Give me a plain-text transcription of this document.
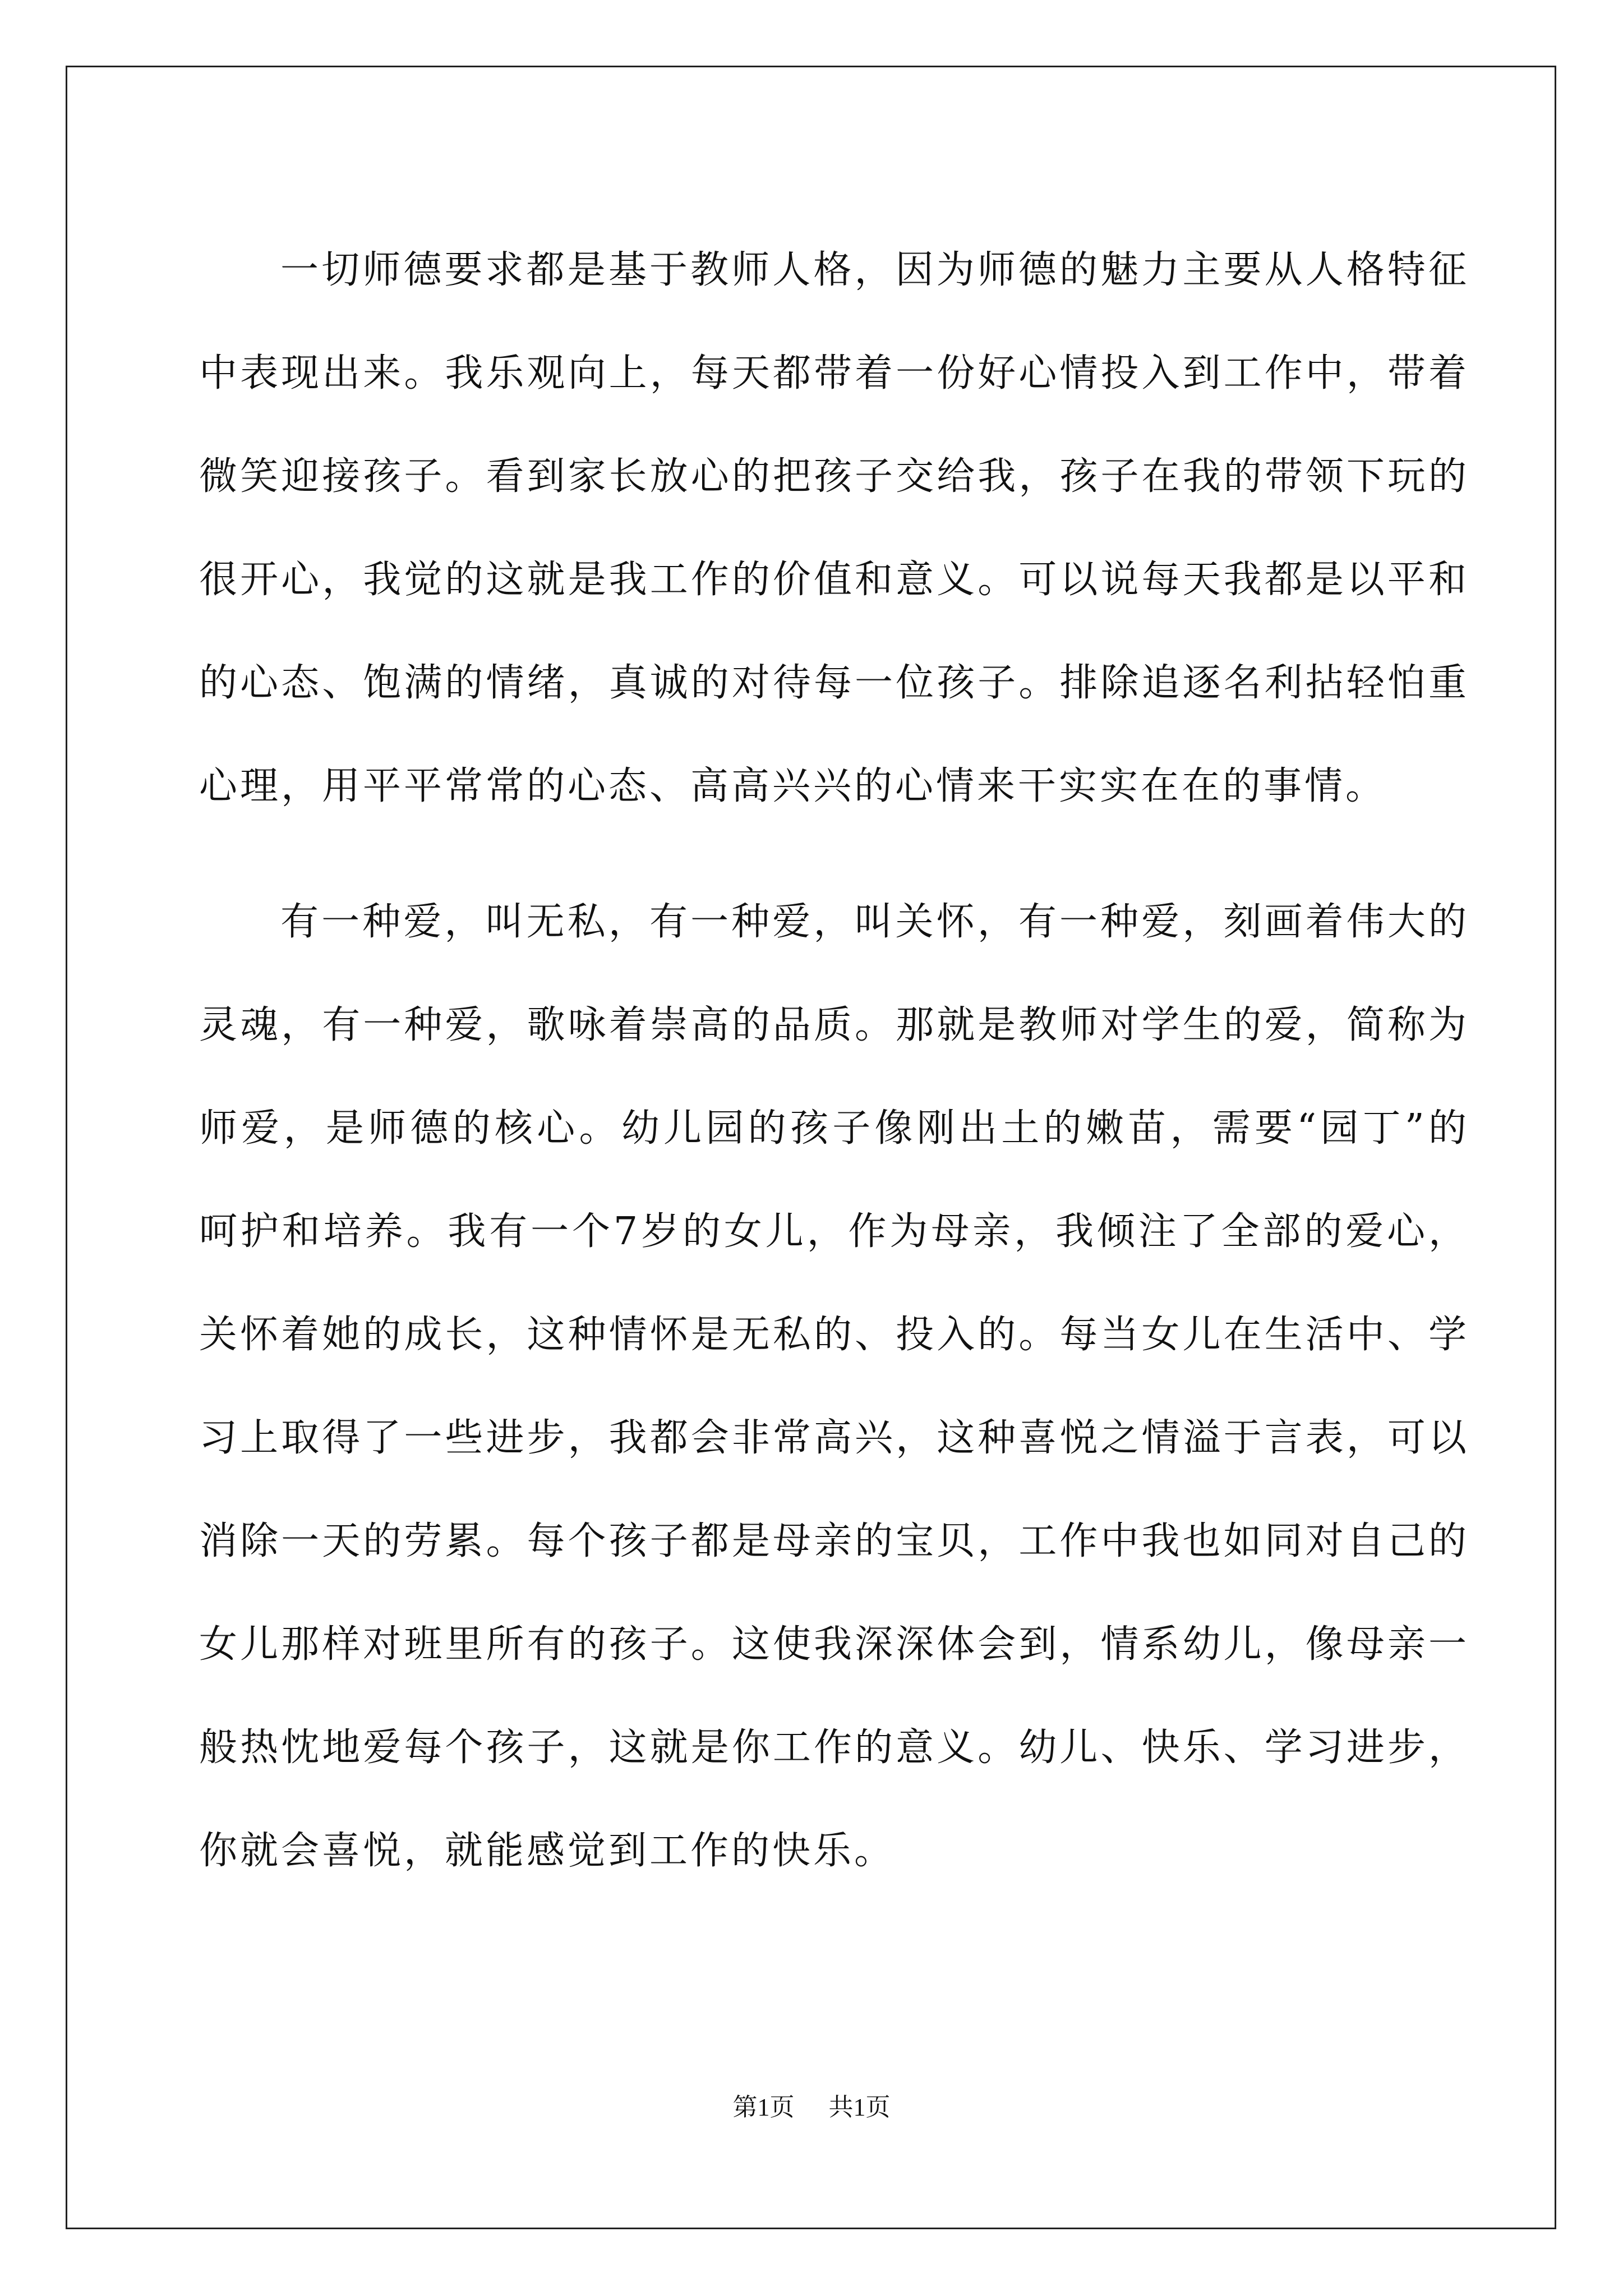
一切师德要求都是基于教师人格，因为师德的魅力主要从人格特征中表现出来。我乐观向上，每天都带着一份好心情投入到工作中，带着微笑迎接孩子。看到家长放心的把孩子交给我，孩子在我的带领下玩的很开心，我觉的这就是我工作的价值和意义。可以说每天我都是以平和的心态、饱满的情绪，真诚的对待每一位孩子。排除追逐名利拈轻怕重心理，用平平常常的心态、高高兴兴的心情来干实实在在的事情。

有一种爱，叫无私，有一种爱，叫关怀，有一种爱，刻画着伟大的灵魂，有一种爱，歌咏着崇高的品质。那就是教师对学生的爱，简称为师爱，是师德的核心。幼儿园的孩子像刚出土的嫩苗，需要“园丁”的呵护和培养。我有一个7岁的女儿，作为母亲，我倾注了全部的爱心，关怀着她的成长，这种情怀是无私的、投入的。每当女儿在生活中、学习上取得了一些进步，我都会非常高兴，这种喜悦之情溢于言表，可以消除一天的劳累。每个孩子都是母亲的宝贝，工作中我也如同对自己的女儿那样对班里所有的孩子。这使我深深体会到，情系幼儿，像母亲一般热忱地爱每个孩子，这就是你工作的意义。幼儿、快乐、学习进步，你就会喜悦，就能感觉到工作的快乐。

第1页 共1页
